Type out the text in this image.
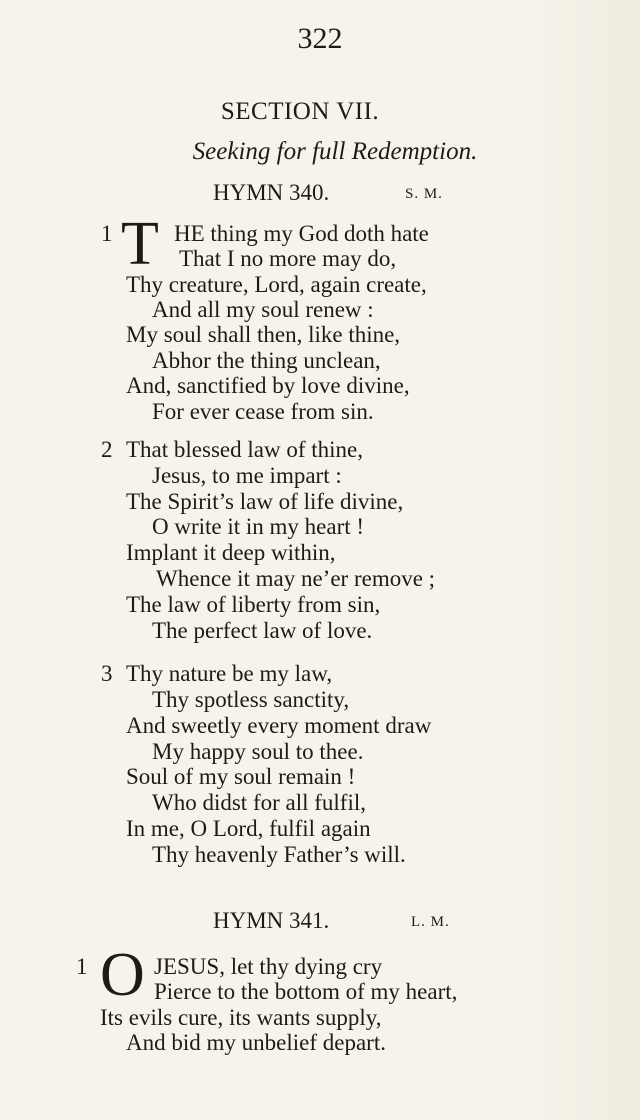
322
SECTION VII.
Seeking for full Redemption.
HYMN 340.	S. M.
1 T HE thing my God doth hate
That I no more may do,
Thy creature, Lord, again create,
And all my soul renew :
My soul shall then, like thine,
Abhor the thing unclean,
And, sanctified by love divine,
For ever cease from sin.
2 That blessed law of thine,
Jesus, to me impart :
The Spirit’s law of life divine,
O write it in my heart !
Implant it deep within,
Whence it may ne’er remove ;
The law of liberty from sin,
The perfect law of love.
3 Thy nature be my law,
Thy spotless sanctity,
And sweetly every moment draw
My happy soul to thee.
Soul of my soul remain !
Who didst for all fulfil,
In me, O Lord, fulfil again
Thy heavenly Father’s will.
HYMN 341.	L. M.
1 O JESUS, let thy dying cry
Pierce to the bottom of my heart,
Its evils cure, its wants supply,
And bid my unbelief depart.
